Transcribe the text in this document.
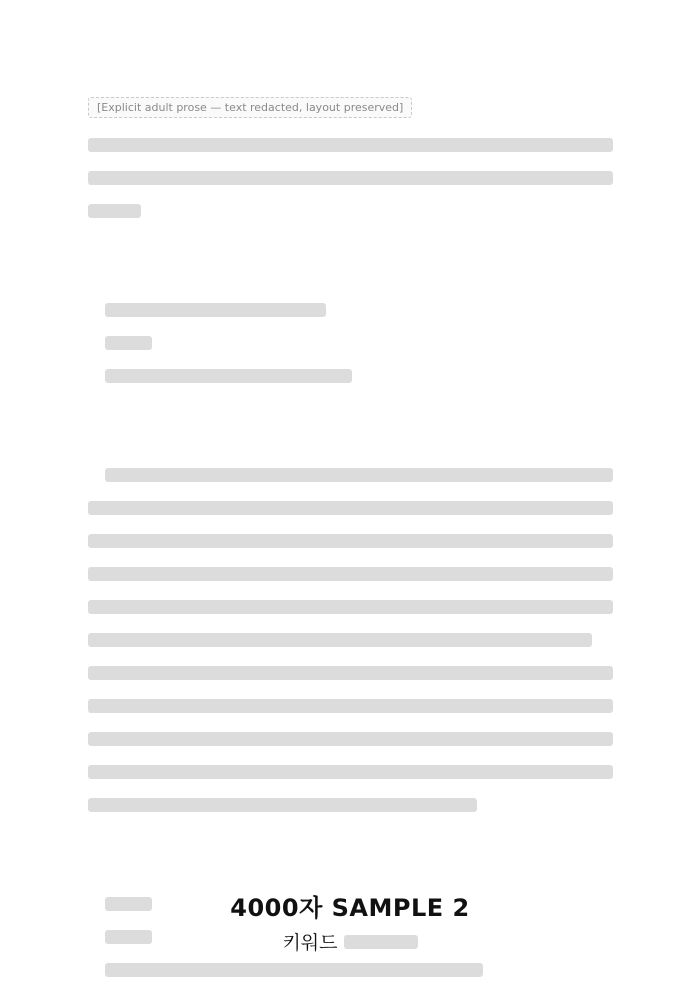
[Explicit adult prose — text redacted, layout preserved]
4000자 SAMPLE 2
키워드
